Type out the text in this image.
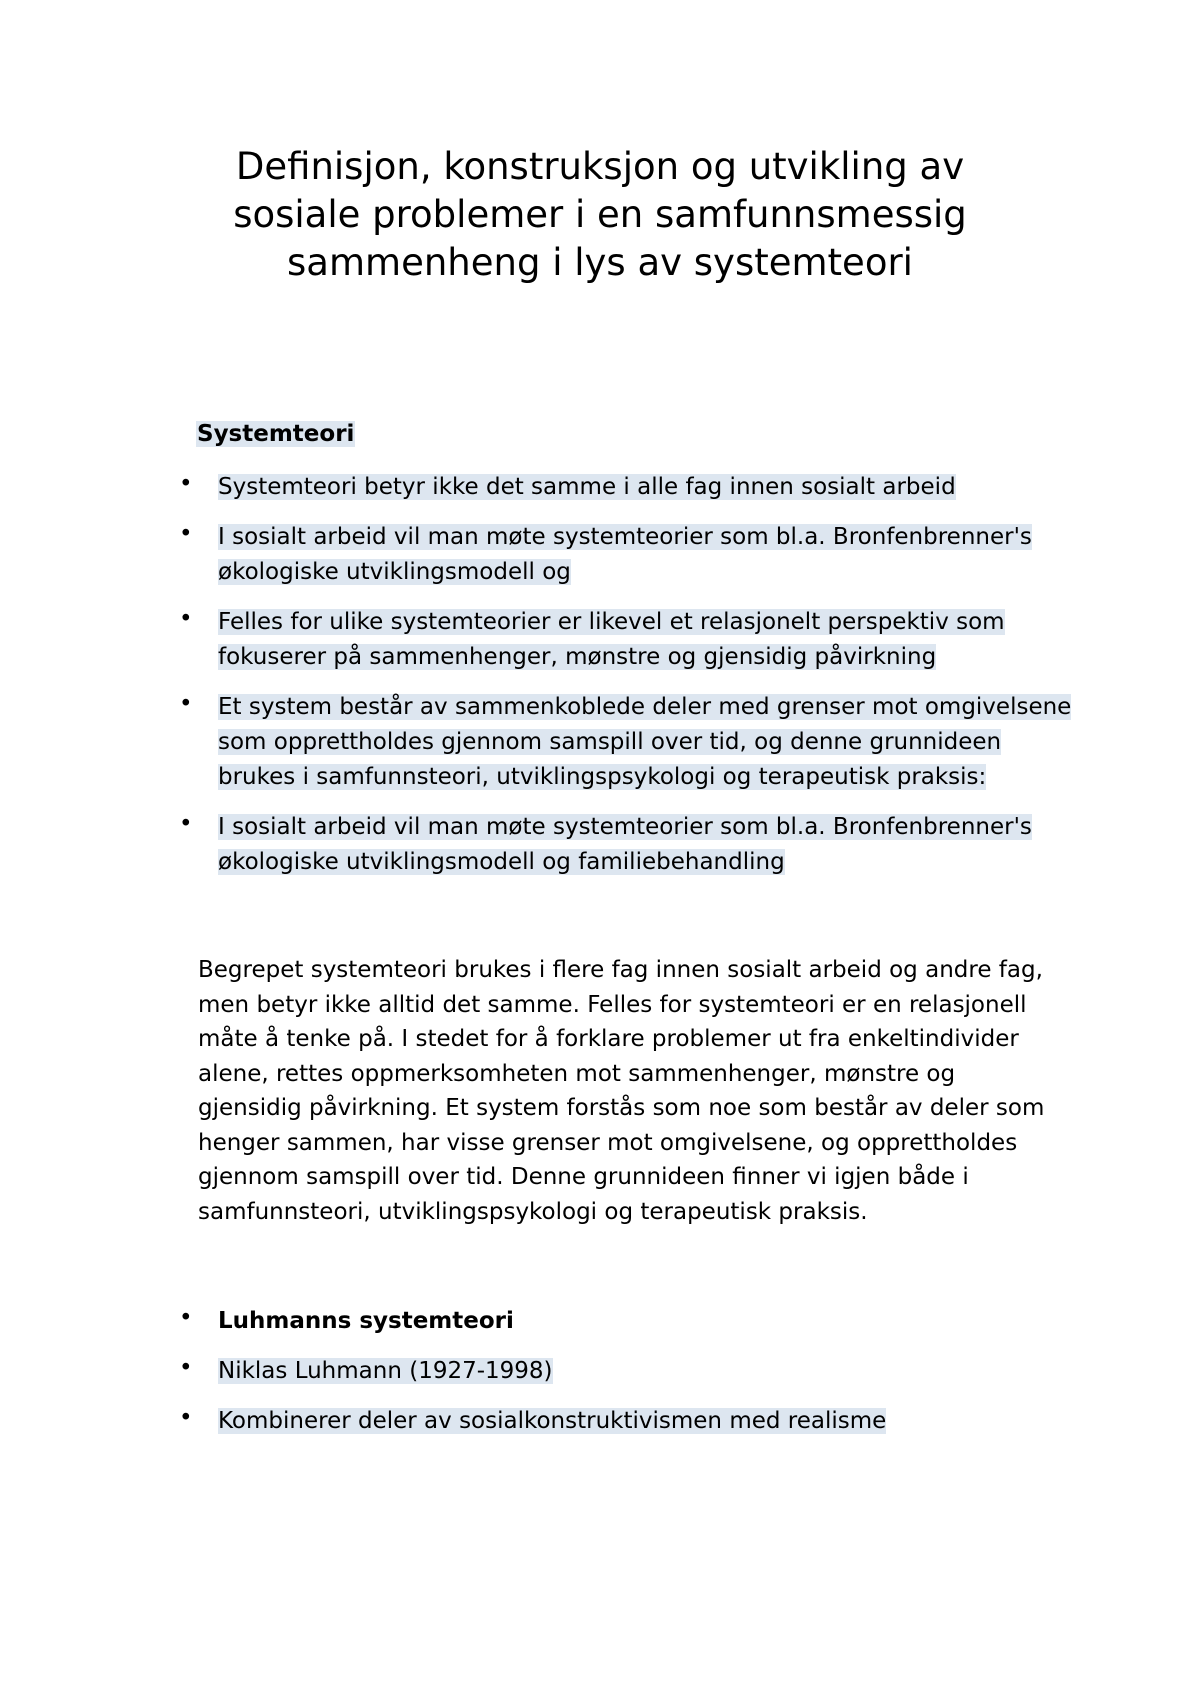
Definisjon, konstruksjon og utvikling av
sosiale problemer i en samfunnsmessig
sammenheng i lys av systemteori
Systemteori
• Systemteori betyr ikke det samme i alle fag innen sosialt arbeid
• I sosialt arbeid vil man møte systemteorier som bl.a. Bronfenbrenner's
økologiske utviklingsmodell og
• Felles for ulike systemteorier er likevel et relasjonelt perspektiv som
fokuserer på sammenhenger, mønstre og gjensidig påvirkning
• Et system består av sammenkoblede deler med grenser mot omgivelsene
som opprettholdes gjennom samspill over tid, og denne grunnideen
brukes i samfunnsteori, utviklingspsykologi og terapeutisk praksis:
• I sosialt arbeid vil man møte systemteorier som bl.a. Bronfenbrenner's
økologiske utviklingsmodell og familiebehandling
Begrepet systemteori brukes i flere fag innen sosialt arbeid og andre fag,
men betyr ikke alltid det samme. Felles for systemteori er en relasjonell
måte å tenke på. I stedet for å forklare problemer ut fra enkeltindivider
alene, rettes oppmerksomheten mot sammenhenger, mønstre og
gjensidig påvirkning. Et system forstås som noe som består av deler som
henger sammen, har visse grenser mot omgivelsene, og opprettholdes
gjennom samspill over tid. Denne grunnideen finner vi igjen både i
samfunnsteori, utviklingspsykologi og terapeutisk praksis.
• Luhmanns systemteori
• Niklas Luhmann (1927-1998)
• Kombinerer deler av sosialkonstruktivismen med realisme
